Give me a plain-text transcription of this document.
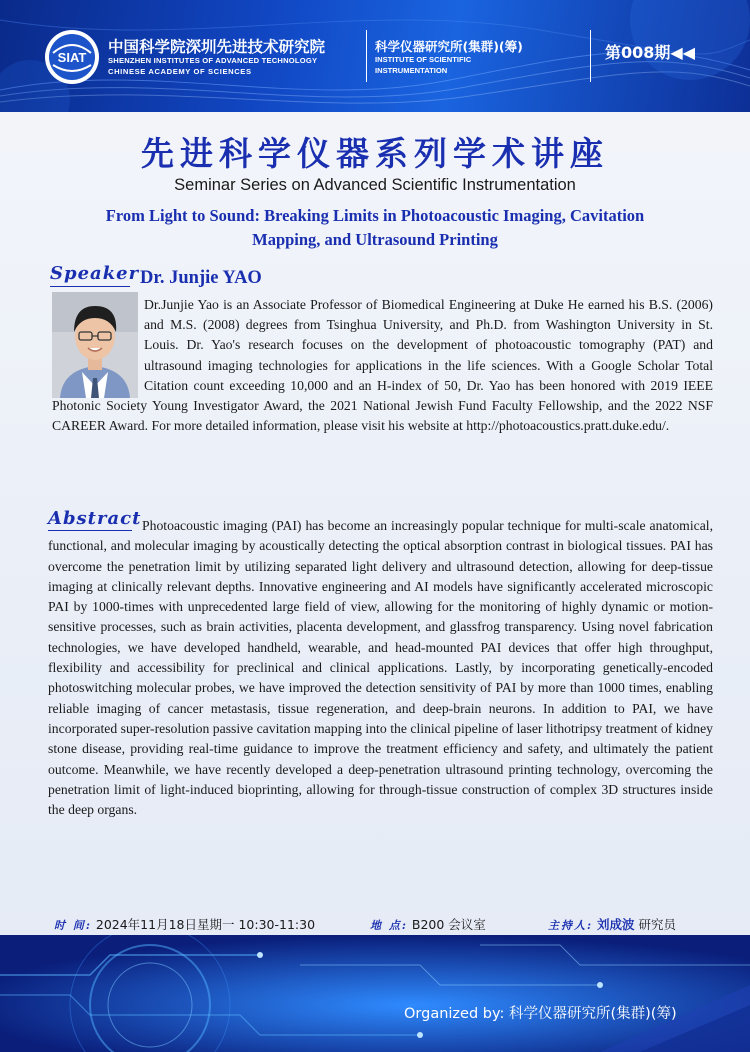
SIAT
中国科学院深圳先进技术研究院
SHENZHEN INSTITUTES OF ADVANCED TECHNOLOGY
CHINESE ACADEMY OF SCIENCES
科学仪器研究所(集群)(筹)
INSTITUTE OF SCIENTIFIC
INSTRUMENTATION
第008期◀◀
先进科学仪器系列学术讲座
Seminar Series on Advanced Scientific Instrumentation
From Light to Sound: Breaking Limits in Photoacoustic Imaging, Cavitation
Mapping, and Ultrasound Printing
Speaker Dr. Junjie YAO
Dr.Junjie Yao is an Associate Professor of Biomedical Engineering at Duke He earned his B.S. (2006) and M.S. (2008) degrees from Tsinghua University, and Ph.D. from Washington University in St. Louis. Dr. Yao's research focuses on the development of photoacoustic tomography (PAT) and ultrasound imaging technologies for applications in the life sciences. With a Google Scholar Total Citation count exceeding 10,000 and an H-index of 50, Dr. Yao has been honored with 2019 IEEE Photonic Society Young Investigator Award, the 2021 National Jewish Fund Faculty Fellowship, and the 2022 NSF CAREER Award. For more detailed information, please visit his website at http://photoacoustics.pratt.duke.edu/.
Abstract Photoacoustic imaging (PAI) has become an increasingly popular technique for multi-scale anatomical, functional, and molecular imaging by acoustically detecting the optical absorption contrast in biological tissues. PAI has overcome the penetration limit by utilizing separated light delivery and ultrasound detection, allowing for deep-tissue imaging at clinically relevant depths. Innovative engineering and AI models have significantly accelerated microscopic PAI by 1000-times with unprecedented large field of view, allowing for the monitoring of highly dynamic or motion-sensitive processes, such as brain activities, placenta development, and glassfrog transparency. Using novel fabrication technologies, we have developed handheld, wearable, and head-mounted PAI devices that offer high throughput, flexibility and accessibility for preclinical and clinical applications. Lastly, by incorporating genetically-encoded photoswitching molecular probes, we have improved the detection sensitivity of PAI by more than 1000 times, enabling reliable imaging of cancer metastasis, tissue regeneration, and deep-brain neurons. In addition to PAI, we have incorporated super-resolution passive cavitation mapping into the clinical pipeline of laser lithotripsy treatment of kidney stone disease, providing real-time guidance to improve the treatment efficiency and safety, and ultimately the patient outcome. Meanwhile, we have recently developed a deep-penetration ultrasound printing technology, overcoming the penetration limit of light-induced bioprinting, allowing for through-tissue construction of complex 3D structures inside the deep organs.
时 间: 2024年11月18日星期一 10:30-11:30	地 点: B200 会议室	主持人: 刘成波 研究员
Organized by: 科学仪器研究所(集群)(筹)
